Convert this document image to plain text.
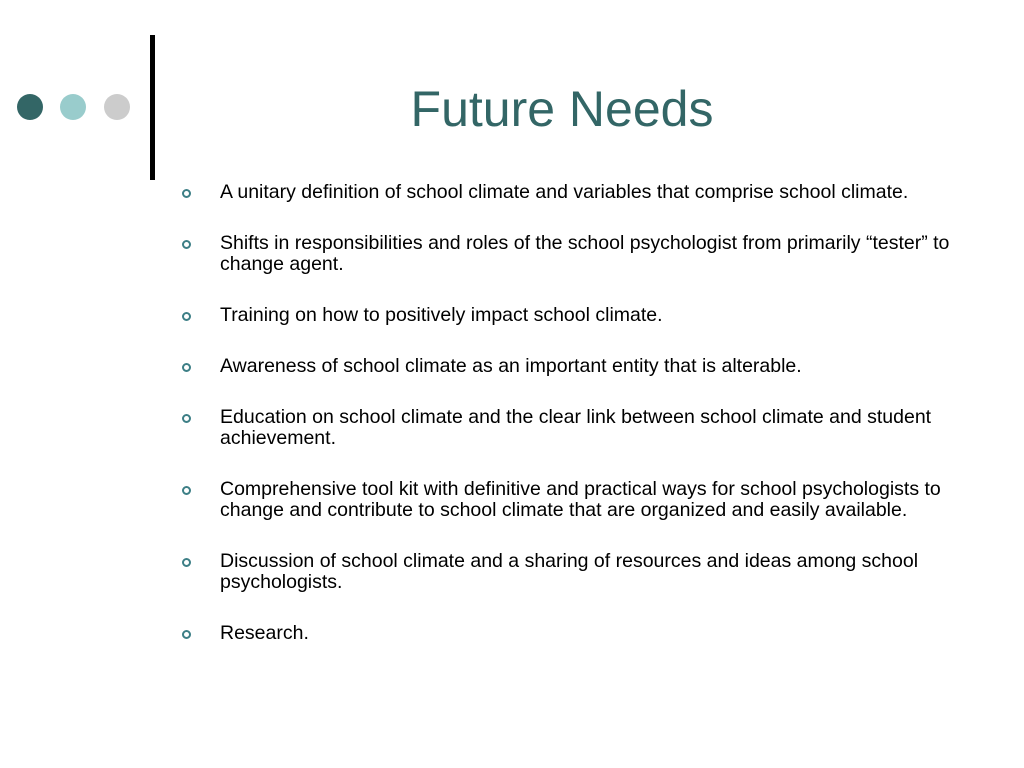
Future Needs
A unitary definition of school climate and variables that comprise school climate.
Shifts in responsibilities and roles of the school psychologist from primarily “tester” to change agent.
Training on how to positively impact school climate.
Awareness of school climate as an important entity that is alterable.
Education on school climate and the clear link between school climate and student achievement.
Comprehensive tool kit with definitive and practical ways for school psychologists to change and contribute to school climate that are organized and easily available.
Discussion of school climate and a sharing of resources and ideas among school psychologists.
Research.
